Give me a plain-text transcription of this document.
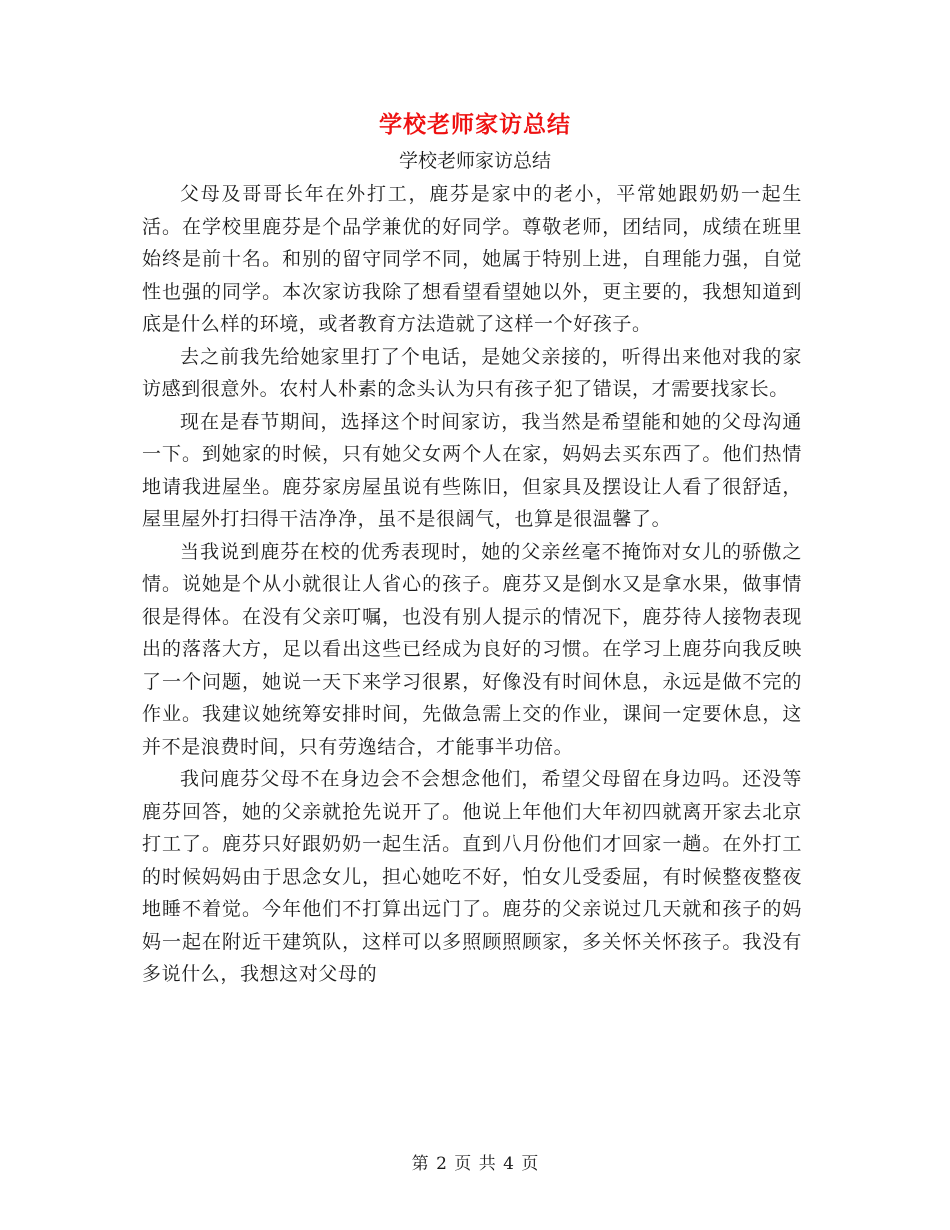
学校老师家访总结
学校老师家访总结

父母及哥哥长年在外打工，鹿芬是家中的老小，平常她跟奶奶一起生活。在学校里鹿芬是个品学兼优的好同学。尊敬老师，团结同，成绩在班里始终是前十名。和别的留守同学不同，她属于特别上进，自理能力强，自觉性也强的同学。本次家访我除了想看望看望她以外，更主要的，我想知道到底是什么样的环境，或者教育方法造就了这样一个好孩子。

去之前我先给她家里打了个电话，是她父亲接的，听得出来他对我的家访感到很意外。农村人朴素的念头认为只有孩子犯了错误，才需要找家长。

现在是春节期间，选择这个时间家访，我当然是希望能和她的父母沟通一下。到她家的时候，只有她父女两个人在家，妈妈去买东西了。他们热情地请我进屋坐。鹿芬家房屋虽说有些陈旧，但家具及摆设让人看了很舒适，屋里屋外打扫得干洁净净，虽不是很阔气，也算是很温馨了。

当我说到鹿芬在校的优秀表现时，她的父亲丝毫不掩饰对女儿的骄傲之情。说她是个从小就很让人省心的孩子。鹿芬又是倒水又是拿水果，做事情很是得体。在没有父亲叮嘱，也没有别人提示的情况下，鹿芬待人接物表现出的落落大方，足以看出这些已经成为良好的习惯。在学习上鹿芬向我反映了一个问题，她说一天下来学习很累，好像没有时间休息，永远是做不完的作业。我建议她统筹安排时间，先做急需上交的作业，课间一定要休息，这并不是浪费时间，只有劳逸结合，才能事半功倍。

我问鹿芬父母不在身边会不会想念他们，希望父母留在身边吗。还没等鹿芬回答，她的父亲就抢先说开了。他说上年他们大年初四就离开家去北京打工了。鹿芬只好跟奶奶一起生活。直到八月份他们才回家一趟。在外打工的时候妈妈由于思念女儿，担心她吃不好，怕女儿受委屈，有时候整夜整夜地睡不着觉。今年他们不打算出远门了。鹿芬的父亲说过几天就和孩子的妈妈一起在附近干建筑队，这样可以多照顾照顾家，多关怀关怀孩子。我没有多说什么，我想这对父母的

第 2 页 共 4 页
